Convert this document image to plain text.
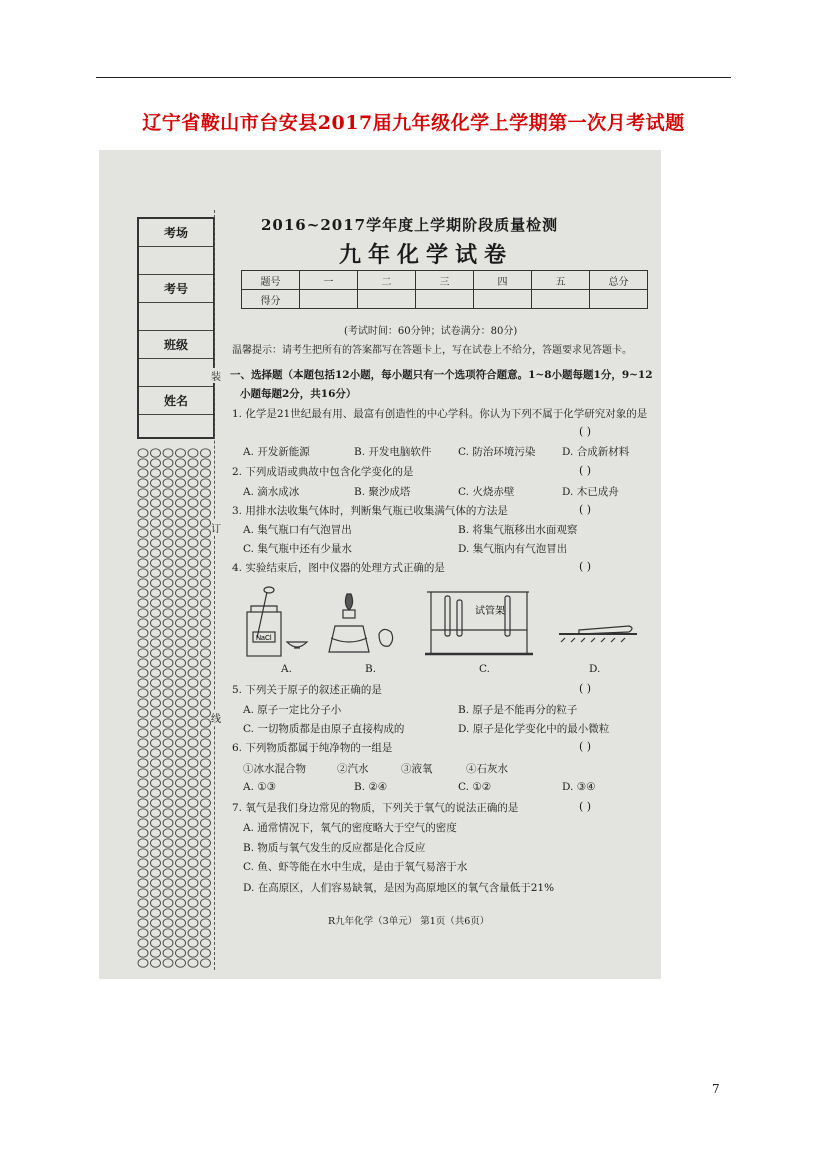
辽宁省鞍山市台安县2017届九年级化学上学期第一次月考试题
考场
考号
班级
姓名
装
订
线
2016~2017学年度上学期阶段质量检测
九年化学试卷
题号	一	二	三	四	五	总分
得分						
(考试时间：60分钟；试卷满分：80分)
温馨提示：请考生把所有的答案都写在答题卡上，写在试卷上不给分，答题要求见答题卡。
一、选择题（本题包括12小题，每小题只有一个选项符合题意。1~8小题每题1分，9~12
小题每题2分，共16分）
1. 化学是21世纪最有用、最富有创造性的中心学科。你认为下列不属于化学研究对象的是
( )
A. 开发新能源	B. 开发电脑软件	C. 防治环境污染	D. 合成新材料
2. 下列成语或典故中包含化学变化的是	( )
A. 滴水成冰	B. 聚沙成塔	C. 火烧赤壁	D. 木已成舟
3. 用排水法收集气体时，判断集气瓶已收集满气体的方法是	( )
A. 集气瓶口有气泡冒出	B. 将集气瓶移出水面观察
C. 集气瓶中还有少量水	D. 集气瓶内有气泡冒出
4. 实验结束后，图中仪器的处理方式正确的是	( )
NaCl
试管架
A.	B.	C.	D.
5. 下列关于原子的叙述正确的是	( )
A. 原子一定比分子小	B. 原子是不能再分的粒子
C. 一切物质都是由原子直接构成的	D. 原子是化学变化中的最小微粒
6. 下列物质都属于纯净物的一组是	( )
①冰水混合物	②汽水	③液氧	④石灰水
A. ①③	B. ②④	C. ①②	D. ③④
7. 氧气是我们身边常见的物质，下列关于氧气的说法正确的是	( )
A. 通常情况下，氧气的密度略大于空气的密度
B. 物质与氧气发生的反应都是化合反应
C. 鱼、虾等能在水中生成，是由于氧气易溶于水
D. 在高原区，人们容易缺氧，是因为高原地区的氧气含量低于21%
R九年化学（3单元） 第1页（共6页）
7
